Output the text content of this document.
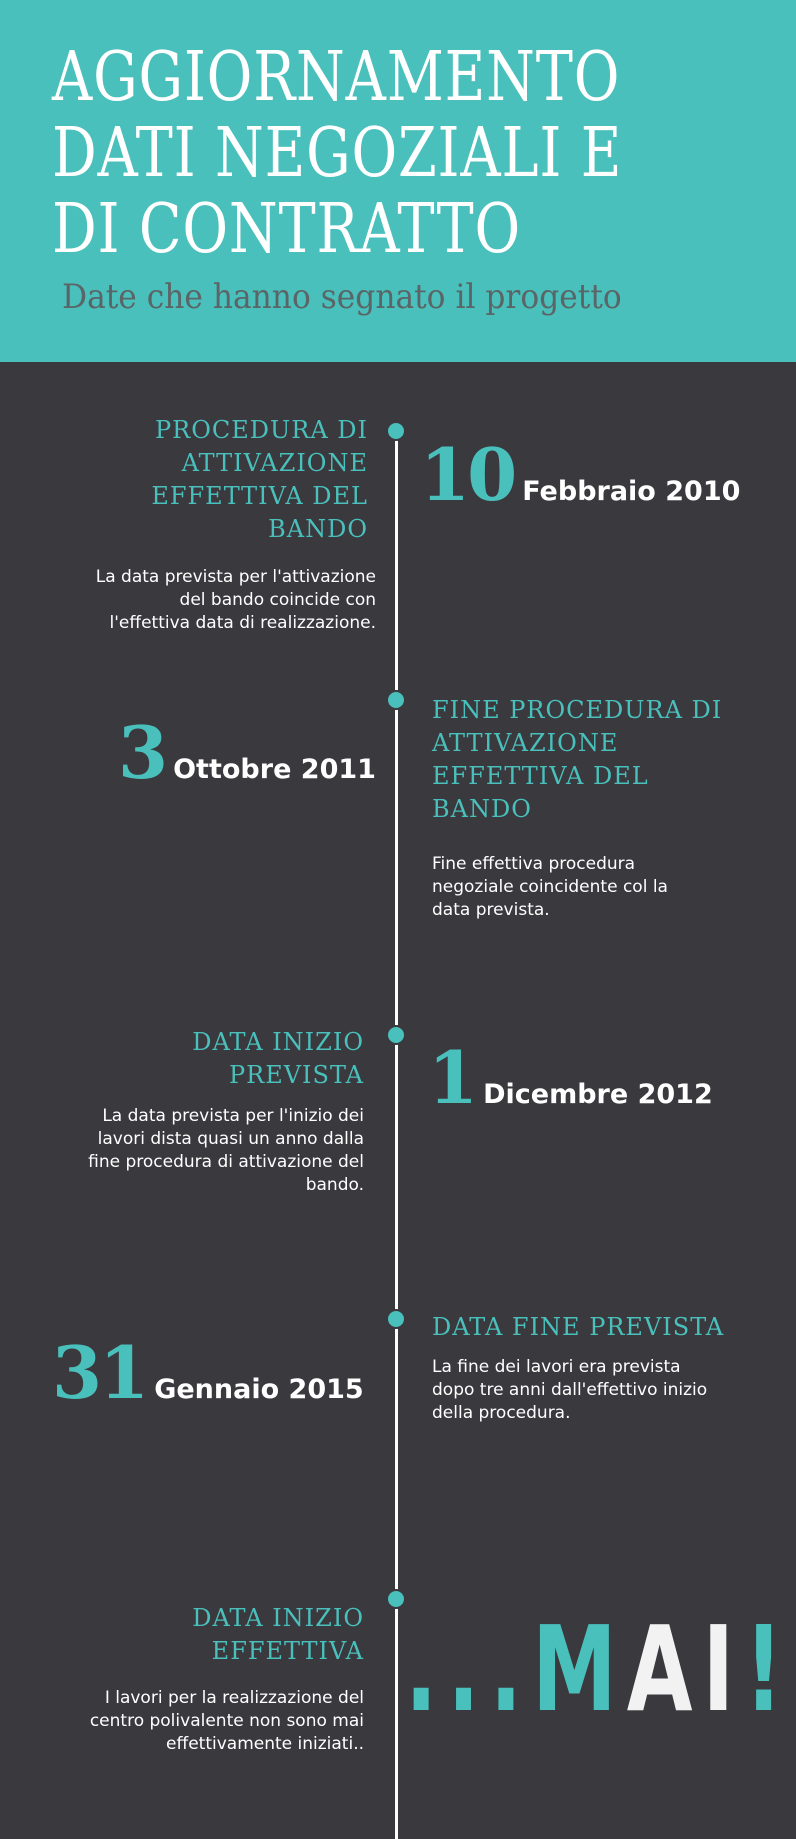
AGGIORNAMENTO
DATI NEGOZIALI E
DI CONTRATTO
Date che hanno segnato il progetto
PROCEDURA DI
ATTIVAZIONE
EFFETTIVA DEL
BANDO
La data prevista per l'attivazione
del bando coincide con
l'effettiva data di realizzazione.
10 Febbraio 2010
FINE PROCEDURA DI
ATTIVAZIONE
EFFETTIVA DEL
BANDO
Fine effettiva procedura
negoziale coincidente col la
data prevista.
3 Ottobre 2011
DATA INIZIO
PREVISTA
La data prevista per l'inizio dei
lavori dista quasi un anno dalla
fine procedura di attivazione del
bando.
1 Dicembre 2012
DATA FINE PREVISTA
La fine dei lavori era prevista
dopo tre anni dall'effettivo inizio
della procedura.
31 Gennaio 2015
DATA INIZIO
EFFETTIVA
I lavori per la realizzazione del
centro polivalente non sono mai
effettivamente iniziati..
...MAI!
